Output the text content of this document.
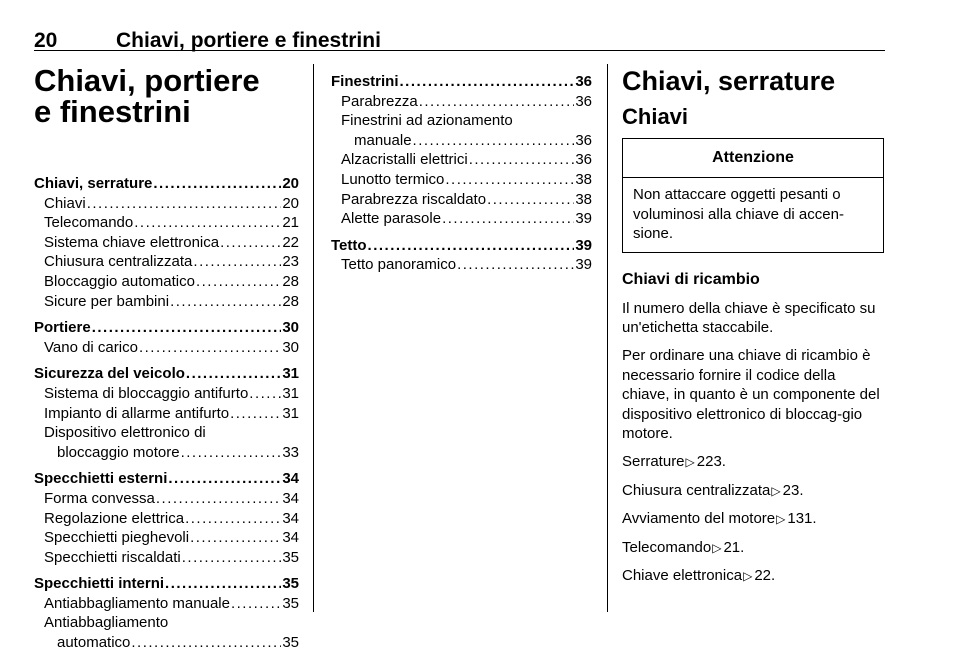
20	Chiavi, portiere e finestrini
Chiavi, portiere e finestrini
Chiavi, serrature .....	20
Chiavi .....	20
Telecomando .....	21
Sistema chiave elettronica .....	22
Chiusura centralizzata .....	23
Bloccaggio automatico .....	28
Sicure per bambini .....	28
Portiere .....	30
Vano di carico .....	30
Sicurezza del veicolo .....	31
Sistema di bloccaggio antifurto ..... 31
Impianto di allarme antifurto .....	31
Dispositivo elettronico di
bloccaggio motore .....	33
Specchietti esterni .....	34
Forma convessa .....	34
Regolazione elettrica .....	34
Specchietti pieghevoli .....	34
Specchietti riscaldati .....	35
Specchietti interni .....	35
Antiabbagliamento manuale .....	35
Antiabbagliamento
automatico .....	35
Finestrini .....	36
Parabrezza .....	36
Finestrini ad azionamento
manuale .....	36
Alzacristalli elettrici .....	36
Lunotto termico .....	38
Parabrezza riscaldato .....	38
Alette parasole .....	39
Tetto .....	39
Tetto panoramico .....	39
Chiavi, serrature
Chiavi
Attenzione
Non attaccare oggetti pesanti o voluminosi alla chiave di accen-sione.
Chiavi di ricambio

Il numero della chiave è specificato su un'etichetta staccabile.

Per ordinare una chiave di ricambio è necessario fornire il codice della chiave, in quanto è un componente del dispositivo elettronico di bloccag-gio motore.

Serrature▷223.

Chiusura centralizzata▷23.

Avviamento del motore▷131.

Telecomando▷21.

Chiave elettronica▷22.
